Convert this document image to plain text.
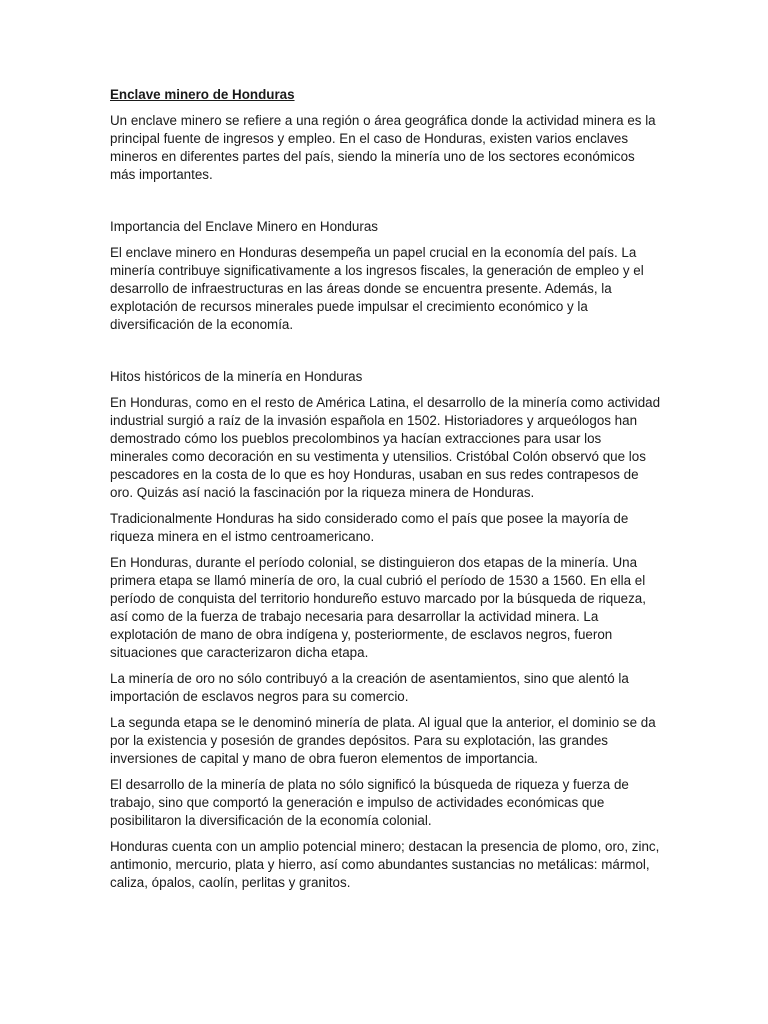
Enclave minero de Honduras

Un enclave minero se refiere a una región o área geográfica donde la actividad minera es la principal fuente de ingresos y empleo. En el caso de Honduras, existen varios enclaves mineros en diferentes partes del país, siendo la minería uno de los sectores económicos más importantes.

Importancia del Enclave Minero en Honduras

El enclave minero en Honduras desempeña un papel crucial en la economía del país. La minería contribuye significativamente a los ingresos fiscales, la generación de empleo y el desarrollo de infraestructuras en las áreas donde se encuentra presente. Además, la explotación de recursos minerales puede impulsar el crecimiento económico y la diversificación de la economía.

Hitos históricos de la minería en Honduras

En Honduras, como en el resto de América Latina, el desarrollo de la minería como actividad industrial surgió a raíz de la invasión española en 1502. Historiadores y arqueólogos han demostrado cómo los pueblos precolombinos ya hacían extracciones para usar los minerales como decoración en su vestimenta y utensilios. Cristóbal Colón observó que los pescadores en la costa de lo que es hoy Honduras, usaban en sus redes contrapesos de oro. Quizás así nació la fascinación por la riqueza minera de Honduras.

Tradicionalmente Honduras ha sido considerado como el país que posee la mayoría de riqueza minera en el istmo centroamericano.

En Honduras, durante el período colonial, se distinguieron dos etapas de la minería. Una primera etapa se llamó minería de oro, la cual cubrió el período de 1530 a 1560. En ella el período de conquista del territorio hondureño estuvo marcado por la búsqueda de riqueza, así como de la fuerza de trabajo necesaria para desarrollar la actividad minera. La explotación de mano de obra indígena y, posteriormente, de esclavos negros, fueron situaciones que caracterizaron dicha etapa.

La minería de oro no sólo contribuyó a la creación de asentamientos, sino que alentó la importación de esclavos negros para su comercio.

La segunda etapa se le denominó minería de plata. Al igual que la anterior, el dominio se da por la existencia y posesión de grandes depósitos. Para su explotación, las grandes inversiones de capital y mano de obra fueron elementos de importancia.

El desarrollo de la minería de plata no sólo significó la búsqueda de riqueza y fuerza de trabajo, sino que comportó la generación e impulso de actividades económicas que posibilitaron la diversificación de la economía colonial.

Honduras cuenta con un amplio potencial minero; destacan la presencia de plomo, oro, zinc, antimonio, mercurio, plata y hierro, así como abundantes sustancias no metálicas: mármol, caliza, ópalos, caolín, perlitas y granitos.
